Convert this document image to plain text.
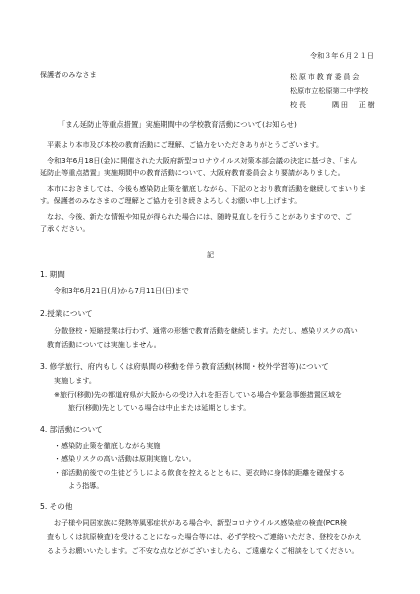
令和３年６月２１日
保護者のみなさま	松原市教育委員会
松原市立松原第二中学校
校長	隅田　正樹
「まん延防止等重点措置」実施期間中の学校教育活動について(お知らせ)
平素より本市及び本校の教育活動にご理解、ご協力をいただきありがとうございます。
令和3年6月18日(金)に開催された大阪府新型コロナウイルス対策本部会議の決定に基づき、「まん
延防止等重点措置」実施期間中の教育活動について、大阪府教育委員会より要請がありました。
本市におきましては、今後も感染防止策を徹底しながら、下記のとおり教育活動を継続してまいりま
す。保護者のみなさまのご理解とご協力を引き続きよろしくお願い申し上げます。
なお、今後、新たな情報や知見が得られた場合には、随時見直しを行うことがありますので、ご
了承ください。
記
1. 期間
令和3年6月21日(月)から7月11日(日)まで
2.授業について
分散登校・短縮授業は行わず、通常の形態で教育活動を継続します。ただし、感染リスクの高い
教育活動については実施しません。
3. 修学旅行、府内もしくは府県間の移動を伴う教育活動(林間・校外学習等)について
実施します。
※旅行(移動)先の都道府県が大阪からの受け入れを拒否している場合や緊急事態措置区域を
旅行(移動)先としている場合は中止または延期とします。
4. 部活動について
・感染防止策を徹底しながら実施
・感染リスクの高い活動は原則実施しない。
・部活動前後での生徒どうしによる飲食を控えるとともに、更衣時に身体的距離を確保する
よう指導。
5. その他
お子様や同居家族に発熱等風邪症状がある場合や、新型コロナウイルス感染症の検査(PCR検
査もしくは抗原検査)を受けることになった場合等には、必ず学校へご連絡いただき、登校をひかえ
るようお願いいたします。ご不安な点などがございましたら、ご遠慮なくご相談をしてください。
